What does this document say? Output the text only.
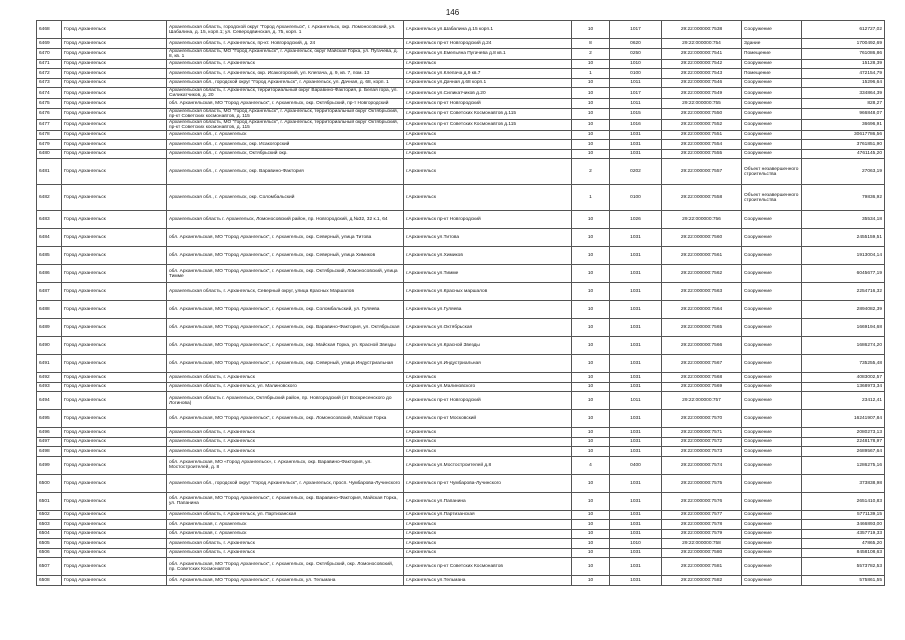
146
6468	Город Архангельск	Архангельская область, городской округ "Город Архангельск", г. Архангельск, окр. Ломоносовский, ул. Шабалина, д. 15, корп.1; ул. Северодвинская, д. 75, корп. 1	г.Архангельск ул.Шабалина д.15 корп.1	10	1017	29:22:000000:7538	Сооружение	612727,02
6469	Город Архангельск	Архангельская область, г. Архангельск, пр-кт. Новгородский, д. 24	г.Архангельск пр-кт Новгородский д.24	8	0620	29:22:000000:754	Здание	1700492,69
6470	Город Архангельск	Архангельская область, МО "Город Архангельск", г. Архангельск, округ Майская Горка, ул. Пугачева, д. 8, кв. 1	г.Архангельск ул.Емельяна Пугачева д.8 кв.1	2	0250	29:22:000000:7541	Помещение	761086,86
6471	Город Архангельск	Архангельская область, г. Архангельск	г.Архангельск	10	1010	29:22:000000:7542	Сооружение	15128,39
6472	Город Архангельск	Архангельская область, г. Архангельск, окр. Исакогорский, ул. Клепача, д. 9, кв. 7, пом. 13	г.Архангельск ул.Клепача д.9 кв.7	1	0100	29:22:000000:7543	Помещение	472154,79
6473	Город Архангельск	Архангельская обл., городской округ "Город Архангельск", г. Архангельск, ул. Дачная, д. 68, корп. 1	г.Архангельск ул.Дачная д.68 корп.1	10	1011	29:22:000000:7546	Сооружение	15296,64
6474	Город Архангельск	Архангельская область, г. Архангельск, территориальный округ Варавино-Фактория, р. Белая гора, ул. Силикатчиков, д. 20	г.Архангельск ул.Силикатчиков д.20	10	1017	29:22:000000:7549	Сооружение	334864,39
6475	Город Архангельск	обл. Архангельская, МО "Город Архангельск", г. Архангельск, окр. Октябрьский, пр-т Новгородский	г.Архангельск пр-кт Новгородский	10	1011	29:22:000000:755	Сооружение	828,27
6476	Город Архангельск	Архангельская область, МО "Город Архангельск", г. Архангельск, территориальный округ Октябрьский, пр-кт Советских космонавтов, д. 115	г.Архангельск пр-кт Советских Космонавтов д.115	10	1015	29:22:000000:7550	Сооружение	966848,07
6477	Город Архангельск	Архангельская область, МО "Город Архангельск", г. Архангельск, территориальный округ Октябрьский, пр-кт Советских космонавтов, д. 115	г.Архангельск пр-кт Советских Космонавтов д.115	10	1016	29:22:000000:7552	Сооружение	36696,91
6478	Город Архангельск	Архангельская обл., г. Архангельск	г.Архангельск	10	1031	29:22:000000:7551	Сооружение	30617786,56
6479	Город Архангельск	Архангельская обл., г. Архангельск, окр. Исакогорский	г.Архангельск	10	1031	29:22:000000:7554	Сооружение	3761851,90
6480	Город Архангельск	Архангельская обл., г. Архангельск, Октябрьский окр.	г.Архангельск	10	1031	29:22:000000:7555	Сооружение	4761145,20
6481	Город Архангельск	Архангельская обл., г. Архангельск, окр. Варавино-Фактория	г.Архангельск	2	0202	29:22:000000:7557	Объект незавершенного строительства	27063,19
6482	Город Архангельск	Архангельская обл., г. Архангельск, окр. Соломбальский	г.Архангельск	1	0100	29:22:000000:7558	Объект незавершенного строительства	79836,92
6483	Город Архангельск	Архангельская область г. Архангельск, Ломоносовский район, пр. Новгородский, д.№32, 32 к.1, 64	г.Архангельск пр-кт Новгородский	10	1026	29:22:000000:756	Сооружение	35534,18
6484	Город Архангельск	обл. Архангельская, МО "Город Архангельск", г. Архангельск, окр. Северный, улица Титова	г.Архангельск ул.Титова	10	1031	29:22:000000:7560	Сооружение	2455159,51
6485	Город Архангельск	обл. Архангельская, МО "Город Архангельск", г. Архангельск, окр. Северный, улица Химиков	г.Архангельск ул.Химиков	10	1031	29:22:000000:7561	Сооружение	1913004,14
6486	Город Архангельск	обл. Архангельская, МО "Город Архангельск", г. Архангельск, окр. Октябрьский, Ломоносовский, улица Тимме	г.Архангельск ул.Тимме	10	1031	29:22:000000:7562	Сооружение	6045677,19
6487	Город Архангельск	Архангельская область, г. Архангельск, Северный округ, улица Красных Маршалов	г.Архангельск ул.Красных маршалов	10	1031	29:22:000000:7563	Сооружение	2254716,32
6488	Город Архангельск	обл. Архангельская, МО "Город Архангельск", г. Архангельск, окр. Соломбальский, ул. Гуляева	г.Архангельск ул.Гуляева	10	1031	29:22:000000:7564	Сооружение	2894082,39
6489	Город Архангельск	обл. Архангельская, МО "Город Архангельск", г. Архангельск, окр. Варавино-Фактория, ул. Октябрьская	г.Архангельск ул.Октябрьская	10	1031	29:22:000000:7565	Сооружение	1669194,68
6490	Город Архангельск	обл. Архангельская, МО "Город Архангельск", г. Архангельск, окр. Майская Горка, ул. Красной Звезды	г.Архангельск ул.Красной Звезды	10	1031	29:22:000000:7566	Сооружение	1686274,20
6491	Город Архангельск	обл. Архангельская, МО "Город Архангельск", г. Архангельск, окр. Северный, улица Индустриальная	г.Архангельск ул.Индустриальная	10	1031	29:22:000000:7567	Сооружение	735255,48
6492	Город Архангельск	Архангельская область, г. Архангельск	г.Архангельск	10	1031	29:22:000000:7568	Сооружение	4083002,57
6493	Город Архангельск	Архангельская область, г. Архангельск, ул. Малиновского	г.Архангельск ул.Малиновского	10	1031	29:22:000000:7569	Сооружение	1368973,34
6494	Город Архангельск	Архангельская область г. Архангельск, Октябрьский район, пр. Новгородский (от Воскресенского до Логинова)	г.Архангельск пр-кт Новгородский	10	1011	29:22:000000:757	Сооружение	23412,41
6495	Город Архангельск	обл. Архангельская, МО "Город Архангельск", г. Архангельск, окр. Ломоносовский, Майская Горка	г.Архангельск пр-кт Московский	10	1031	29:22:000000:7570	Сооружение	16241907,84
6496	Город Архангельск	Архангельская область, г. Архангельск	г.Архангельск	10	1031	29:22:000000:7571	Сооружение	2080273,13
6497	Город Архангельск	Архангельская область, г. Архангельск	г.Архангельск	10	1031	29:22:000000:7572	Сооружение	2248178,97
6498	Город Архангельск	Архангельская область, г. Архангельск	г.Архангельск	10	1031	29:22:000000:7573	Сооружение	2689567,64
6499	Город Архангельск	обл. Архангельская, МО «Город Архангельск», г. Архангельск, окр. Варавино-Фактория, ул. Мостостроителей, д. 8	г.Архангельск ул.Мостостроителей д.8	4	0400	29:22:000000:7574	Сооружение	1286275,16
6500	Город Архангельск	Архангельская обл., городской округ "Город Архангельск", г. Архангельск, просп. Чумбарова-Лучинского	г.Архангельск пр-кт Чумбарова-Лучинского	10	1031	29:22:000000:7575	Сооружение	373838,98
6501	Город Архангельск	обл. Архангельская, МО "Город Архангельск", г. Архангельск, окр. Варавино-Фактория, Майская Горка, ул. Папанина	г.Архангельск ул.Папанина	10	1031	29:22:000000:7576	Сооружение	2651410,83
6502	Город Архангельск	Архангельская область, г. Архангельск, ул. Партизанская	г.Архангельск ул.Партизанская	10	1031	29:22:000000:7577	Сооружение	5771139,15
6503	Город Архангельск	обл. Архангельская, г. Архангельск	г.Архангельск	10	1031	29:22:000000:7578	Сооружение	3466893,00
6504	Город Архангельск	обл. Архангельская, г. Архангельск	г.Архангельск	10	1031	29:22:000000:7579	Сооружение	4357719,33
6505	Город Архангельск	Архангельская область, г. Архангельск	г.Архангельск	10	1010	29:22:000000:758	Сооружение	47865,20
6506	Город Архангельск	Архангельская область, г. Архангельск	г.Архангельск	10	1031	29:22:000000:7580	Сооружение	8458108,63
6507	Город Архангельск	обл. Архангельская, МО "Город Архангельск", г. Архангельск, окр. Октябрьский, окр. Ломоносовский, пр. Советских Космонавтов	г.Архангельск пр-кт Советских Космонавтов	10	1031	29:22:000000:7581	Сооружение	5573782,53
6508	Город Архангельск	обл. Архангельская, МО "Город Архангельск", г. Архангельск, ул. Тельмана	г.Архангельск ул.Тельмана	10	1031	29:22:000000:7582	Сооружение	575861,55
